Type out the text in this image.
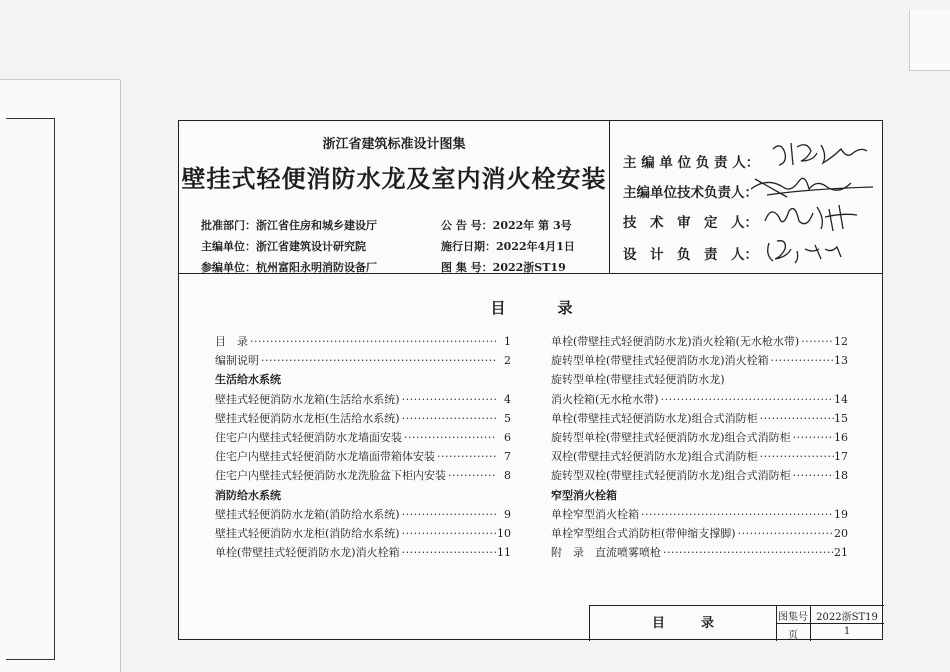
浙江省建筑标准设计图集
壁挂式轻便消防水龙及室内消火栓安装
批准部门：浙江省住房和城乡建设厅
主编单位：浙江省建筑设计研究院
参编单位：杭州富阳永明消防设备厂
公 告 号：2022年 第 3号
施行日期：2022年4月1日
图 集 号：2022浙ST19
主 编 单 位 负 责 人：
主编单位技术负责人：
技　术　审　定　人：
设　计　负　责　人：
目	录
目　录 ·····	1
编制说明 ·····	2
生活给水系统
壁挂式轻便消防水龙箱(生活给水系统) ·····	4
壁挂式轻便消防水龙柜(生活给水系统) ·····	5
住宅户内壁挂式轻便消防水龙墙面安装 ·····	6
住宅户内壁挂式轻便消防水龙墙面带箱体安装 ·····	7
住宅户内壁挂式轻便消防水龙洗脸盆下柜内安装 ·····	8
消防给水系统
壁挂式轻便消防水龙箱(消防给水系统) ·····	9
壁挂式轻便消防水龙柜(消防给水系统) ·····	10
单栓(带壁挂式轻便消防水龙)消火栓箱 ·····	11
单栓(带壁挂式轻便消防水龙)消火栓箱(无水枪水带) ·····	12
旋转型单栓(带壁挂式轻便消防水龙)消火栓箱 ·····	13
旋转型单栓(带壁挂式轻便消防水龙)
消火栓箱(无水枪水带) ·····	14
单栓(带壁挂式轻便消防水龙)组合式消防柜 ·····	15
旋转型单栓(带壁挂式轻便消防水龙)组合式消防柜 ·····	16
双栓(带壁挂式轻便消防水龙)组合式消防柜 ·····	17
旋转型双栓(带壁挂式轻便消防水龙)组合式消防柜 ·····	18
窄型消火栓箱
单栓窄型消火栓箱 ·····	19
单栓窄型组合式消防柜(带伸缩支撑脚) ·····	20
附　录　直流喷雾喷枪 ·····	21
目	录	图集号 2022浙ST19
页	1
